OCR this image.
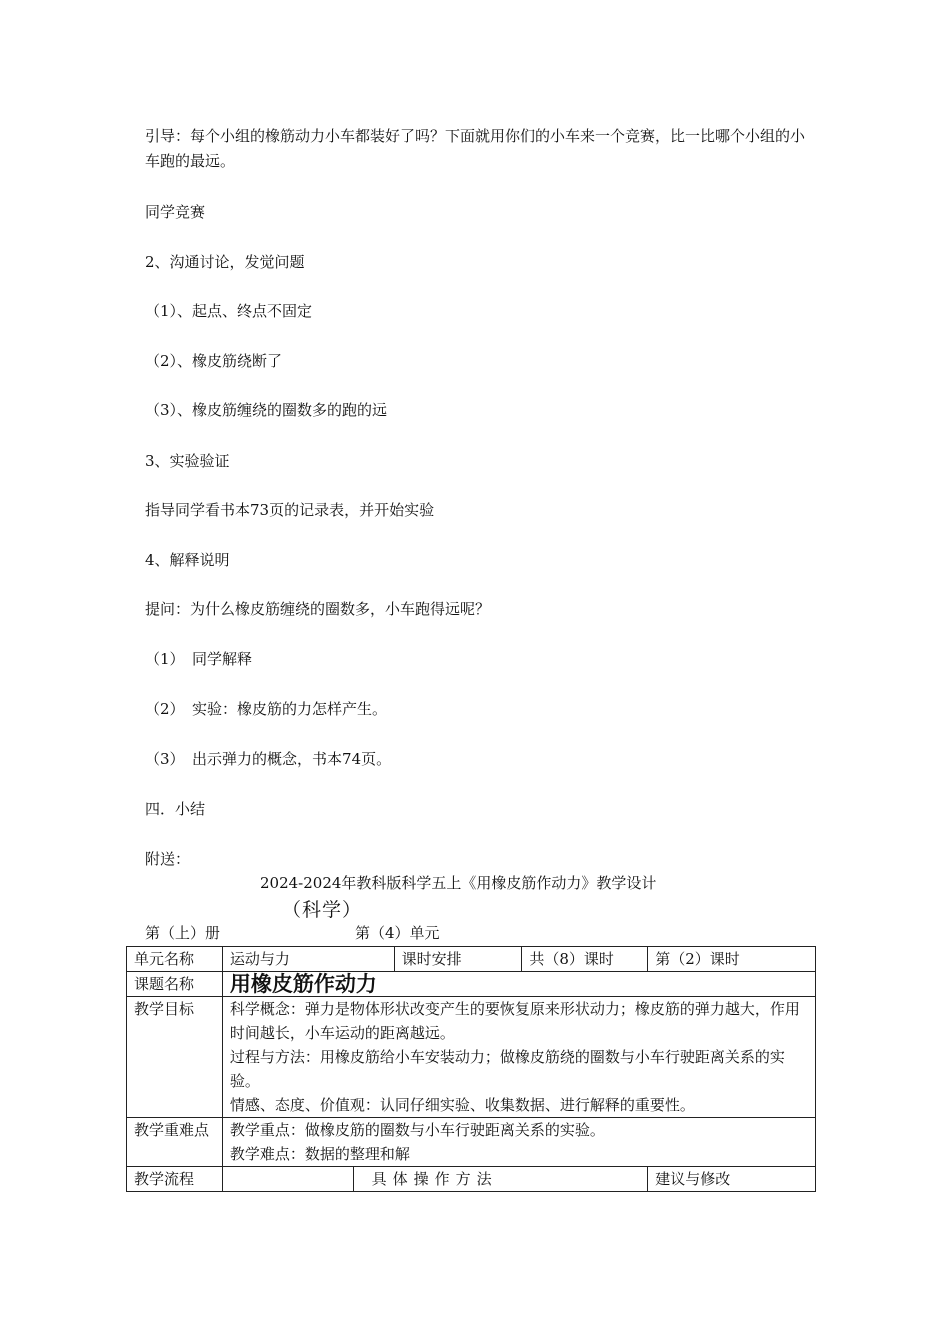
引导：每个小组的橡筋动力小车都装好了吗？下面就用你们的小车来一个竞赛，比一比哪个小组的小车跑的最远。
同学竞赛
2、沟通讨论，发觉问题
（1）、起点、终点不固定
（2）、橡皮筋绕断了
（3）、橡皮筋缠绕的圈数多的跑的远
3、实验验证
指导同学看书本73页的记录表，并开始实验
4、解释说明
提问：为什么橡皮筋缠绕的圈数多，小车跑得远呢？
（1）　同学解释
（2）　实验：橡皮筋的力怎样产生。
（3）　出示弹力的概念，书本74页。
四．小结
附送：
2024-2024年教科版科学五上《用橡皮筋作动力》教学设计
（科学）
第（上）册	第（4）单元
单元名称	运动与力		课时安排	共（8）课时	第（2）课时
课题名称	用橡皮筋作动力				
教学目标	科学概念：弹力是物体形状改变产生的要恢复原来形状动力；橡皮筋的弹力越大，作用时间越长，小车运动的距离越远。
过程与方法：用橡皮筋给小车安装动力；做橡皮筋绕的圈数与小车行驶距离关系的实验。
情感、态度、价值观：认同仔细实验、收集数据、进行解释的重要性。				

教学重难点	教学重点：做橡皮筋的圈数与小车行驶距离关系的实验。
教学难点：数据的整理和解				

教学流程		具体操作方法			建议与修改
